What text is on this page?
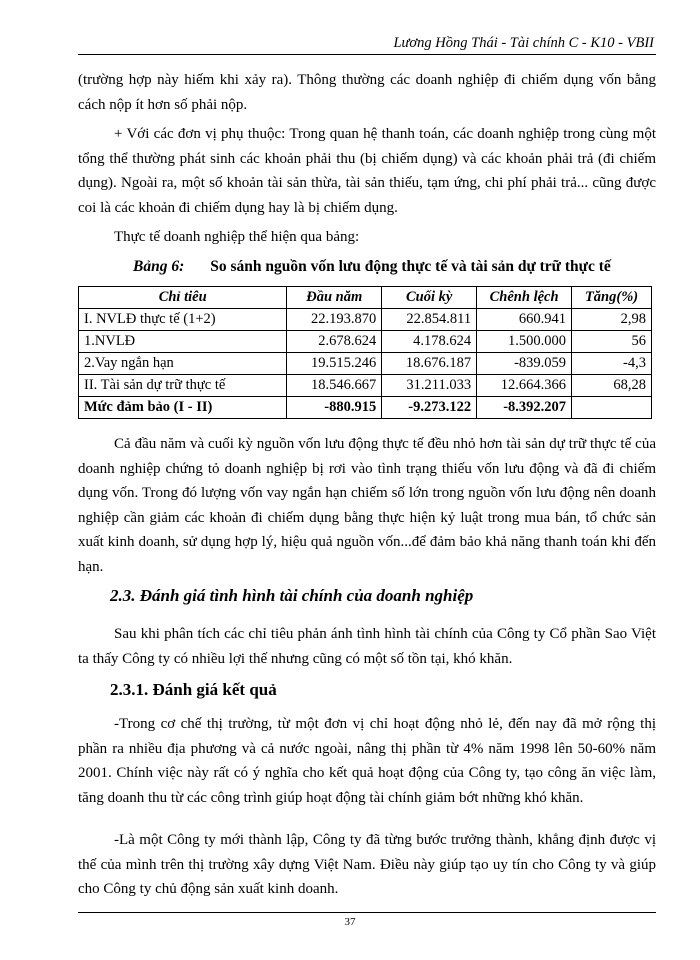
Lương Hồng Thái - Tài chính C - K10 - VBII

(trường hợp này hiếm khi xảy ra). Thông thường các doanh nghiệp đi chiếm dụng vốn bằng cách nộp ít hơn số phải nộp.

+ Với các đơn vị phụ thuộc: Trong quan hệ thanh toán, các doanh nghiệp trong cùng một tổng thể thường phát sinh các khoản phải thu (bị chiếm dụng) và các khoản phải trả (đi chiếm dụng). Ngoài ra, một số khoản tài sản thừa, tài sản thiếu, tạm ứng, chi phí phải trả... cũng được coi là các khoản đi chiếm dụng hay là bị chiếm dụng.

Thực tế doanh nghiệp thể hiện qua bảng:

Bảng 6: So sánh nguồn vốn lưu động thực tế và tài sản dự trữ thực tế
Chỉ tiêu	Đầu năm	Cuối kỳ	Chênh lệch	Tăng(%)
I. NVLĐ thực tế (1+2)	22.193.870	22.854.811	660.941	2,98
1.NVLĐ	2.678.624	4.178.624	1.500.000	56
2.Vay ngắn hạn	19.515.246	18.676.187	-839.059	-4,3
II. Tài sản dự trữ thực tế	18.546.667	31.211.033	12.664.366	68,28
Mức đảm bảo (I - II)	-880.915	-9.273.122	-8.392.207	

Cả đầu năm và cuối kỳ nguồn vốn lưu động thực tế đều nhỏ hơn tài sản dự trữ thực tế của doanh nghiệp chứng tỏ doanh nghiệp bị rơi vào tình trạng thiếu vốn lưu động và đã đi chiếm dụng vốn. Trong đó lượng vốn vay ngắn hạn chiếm số lớn trong nguồn vốn lưu động nên doanh nghiệp cần giảm các khoản đi chiếm dụng bằng thực hiện kỷ luật trong mua bán, tổ chức sản xuất kinh doanh, sử dụng hợp lý, hiệu quả nguồn vốn...để đảm bảo khả năng thanh toán khi đến hạn.

2.3. Đánh giá tình hình tài chính của doanh nghiệp

Sau khi phân tích các chỉ tiêu phản ánh tình hình tài chính của Công ty Cổ phần Sao Việt ta thấy Công ty có nhiều lợi thế nhưng cũng có một số tồn tại, khó khăn.

2.3.1. Đánh giá kết quả

-Trong cơ chế thị trường, từ một đơn vị chỉ hoạt động nhỏ lẻ, đến nay đã mở rộng thị phần ra nhiều địa phương và cả nước ngoài, nâng thị phần từ 4% năm 1998 lên 50-60% năm 2001. Chính việc này rất có ý nghĩa cho kết quả hoạt động của Công ty, tạo công ăn việc làm, tăng doanh thu từ các công trình giúp hoạt động tài chính giảm bớt những khó khăn.

-Là một Công ty mới thành lập, Công ty đã từng bước trưởng thành, khẳng định được vị thế của mình trên thị trường xây dựng Việt Nam. Điều này giúp tạo uy tín cho Công ty và giúp cho Công ty chủ động sản xuất kinh doanh.

37
